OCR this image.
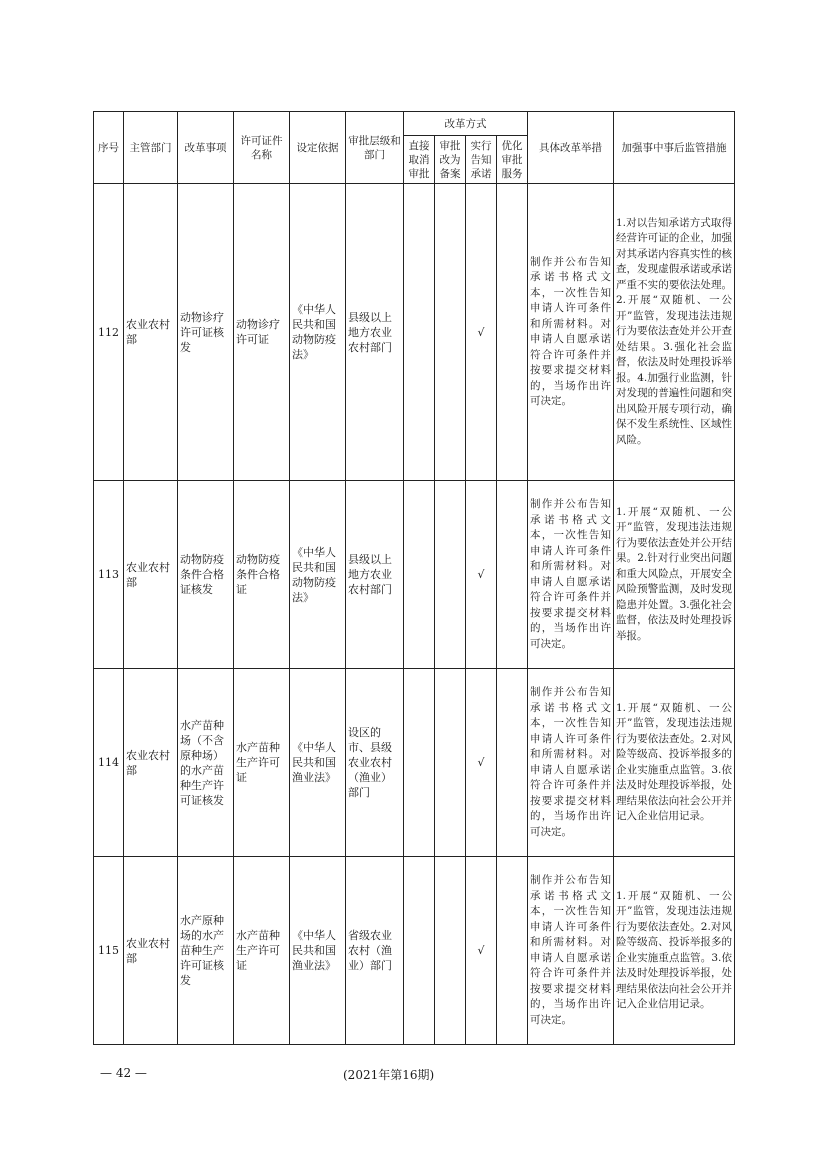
序号	主管部门	改革事项	许可证件名称	设定依据	审批层级和部门	改革方式				具体改革举措	加强事中事后监管措施
						直接取消审批	审批改为备案	实行告知承诺	优化审批服务		
112	农业农村部	动物诊疗许可证核发	动物诊疗许可证	《中华人民共和国动物防疫法》	县级以上地方农业农村部门			√		制作并公布告知承诺书格式文本，一次性告知申请人许可条件和所需材料。对申请人自愿承诺符合许可条件并按要求提交材料的，当场作出许可决定。	1.对以告知承诺方式取得经营许可证的企业，加强对其承诺内容真实性的核查，发现虚假承诺或承诺严重不实的要依法处理。2.开展“双随机、一公开”监管，发现违法违规行为要依法查处并公开查处结果。3.强化社会监督，依法及时处理投诉举报。4.加强行业监测，针对发现的普遍性问题和突出风险开展专项行动，确保不发生系统性、区域性风险。
113	农业农村部	动物防疫条件合格证核发	动物防疫条件合格证	《中华人民共和国动物防疫法》	县级以上地方农业农村部门			√		制作并公布告知承诺书格式文本，一次性告知申请人许可条件和所需材料。对申请人自愿承诺符合许可条件并按要求提交材料的，当场作出许可决定。	1.开展“双随机、一公开”监管，发现违法违规行为要依法查处并公开结果。2.针对行业突出问题和重大风险点，开展安全风险预警监测，及时发现隐患并处置。3.强化社会监督，依法及时处理投诉举报。
114	农业农村部	水产苗种场（不含原种场）的水产苗种生产许可证核发	水产苗种生产许可证	《中华人民共和国渔业法》	设区的市、县级农业农村（渔业）部门			√		制作并公布告知承诺书格式文本，一次性告知申请人许可条件和所需材料。对申请人自愿承诺符合许可条件并按要求提交材料的，当场作出许可决定。	1.开展“双随机、一公开”监管，发现违法违规行为要依法查处。2.对风险等级高、投诉举报多的企业实施重点监管。3.依法及时处理投诉举报，处理结果依法向社会公开并记入企业信用记录。
115	农业农村部	水产原种场的水产苗种生产许可证核发	水产苗种生产许可证	《中华人民共和国渔业法》	省级农业农村（渔业）部门			√		制作并公布告知承诺书格式文本，一次性告知申请人许可条件和所需材料。对申请人自愿承诺符合许可条件并按要求提交材料的，当场作出许可决定。	1.开展“双随机、一公开”监管，发现违法违规行为要依法查处。2.对风险等级高、投诉举报多的企业实施重点监管。3.依法及时处理投诉举报，处理结果依法向社会公开并记入企业信用记录。
— 42 —	(2021年第16期)
